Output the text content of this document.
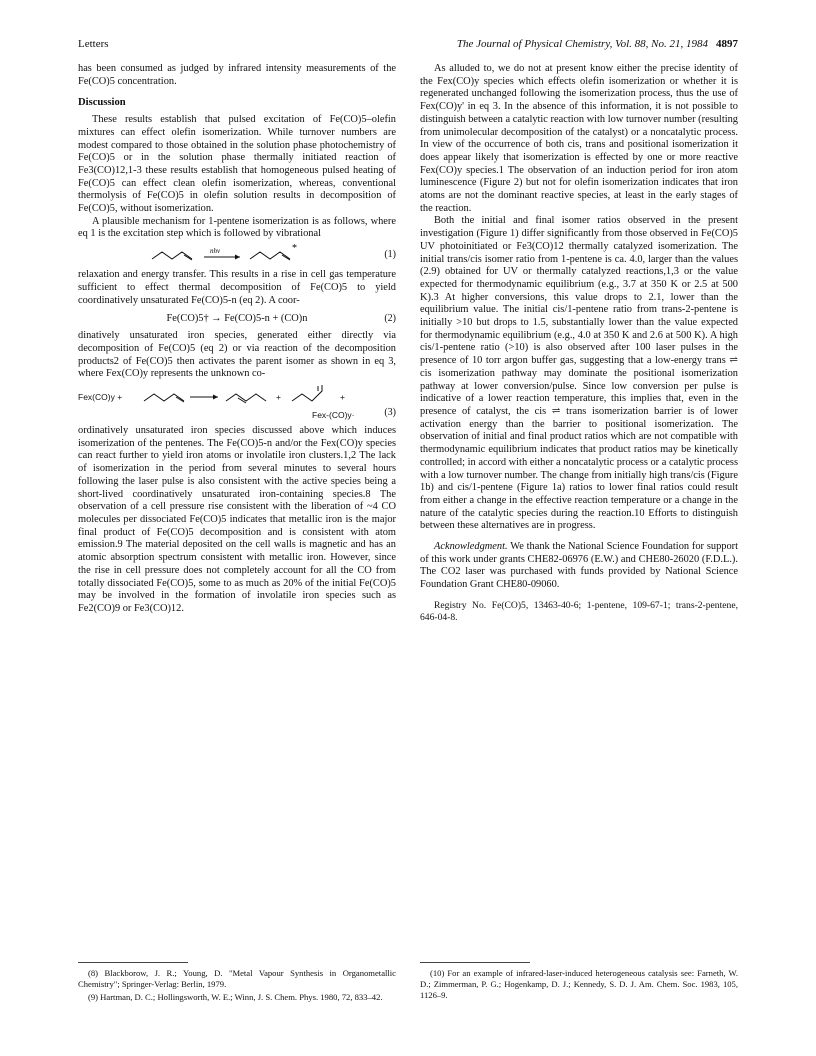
Letters	The Journal of Physical Chemistry, Vol. 88, No. 21, 1984 4897

has been consumed as judged by infrared intensity measurements of the Fe(CO)5 concentration.

Discussion

These results establish that pulsed excitation of Fe(CO)5–olefin mixtures can effect olefin isomerization. While turnover numbers are modest compared to those obtained in the solution phase photochemistry of Fe(CO)5 or in the solution phase thermally initiated reaction of Fe3(CO)12,1-3 these results establish that homogeneous pulsed heating of Fe(CO)5 can effect clean olefin isomerization, whereas, conventional thermolysis of Fe(CO)5 in olefin solution results in decomposition of Fe(CO)5, without isomerization.

A plausible mechanism for 1-pentene isomerization is as follows, where eq 1 is the excitation step which is followed by vibrational

nhν	*
(1)

relaxation and energy transfer. This results in a rise in cell gas temperature sufficient to effect thermal decomposition of Fe(CO)5 to yield coordinatively unsaturated Fe(CO)5-n (eq 2). A coor-

Fe(CO)5† → Fe(CO)5-n + (CO)n	(2)

dinatively unsaturated iron species, generated either directly via decomposition of Fe(CO)5 (eq 2) or via reaction of the decomposition products2 of Fe(CO)5 then activates the parent isomer as shown in eq 3, where Fex(CO)y represents the unknown co-

Fex(CO)y +	+	+
Fex-(CO)y·	(3)

ordinatively unsaturated iron species discussed above which induces isomerization of the pentenes. The Fe(CO)5-n and/or the Fex(CO)y species can react further to yield iron atoms or involatile iron clusters.1,2 The lack of isomerization in the period from several minutes to several hours following the laser pulse is also consistent with the active species being a short-lived coordinatively unsaturated iron-containing species.8 The observation of a cell pressure rise consistent with the liberation of ~4 CO molecules per dissociated Fe(CO)5 indicates that metallic iron is the major final product of Fe(CO)5 decomposition and is consistent with atom emission.9 The material deposited on the cell walls is magnetic and has an atomic absorption spectrum consistent with metallic iron. However, since the rise in cell pressure does not completely account for all the CO from totally dissociated Fe(CO)5, some to as much as 20% of the initial Fe(CO)5 may be involved in the formation of involatile iron species such as Fe2(CO)9 or Fe3(CO)12.

As alluded to, we do not at present know either the precise identity of the Fex(CO)y species which effects olefin isomerization or whether it is regenerated unchanged following the isomerization process, thus the use of Fex(CO)y' in eq 3. In the absence of this information, it is not possible to distinguish between a catalytic reaction with low turnover number (resulting from unimolecular decomposition of the catalyst) or a noncatalytic process. In view of the occurrence of both cis, trans and positional isomerization it does appear likely that isomerization is effected by one or more reactive Fex(CO)y species.1 The observation of an induction period for iron atom luminescence (Figure 2) but not for olefin isomerization indicates that iron atoms are not the dominant reactive species, at least in the early stages of the reaction.

Both the initial and final isomer ratios observed in the present investigation (Figure 1) differ significantly from those observed in Fe(CO)5 UV photoinitiated or Fe3(CO)12 thermally catalyzed isomerization. The initial trans/cis isomer ratio from 1-pentene is ca. 4.0, larger than the values (2.9) obtained for UV or thermally catalyzed reactions,1,3 or the value expected for thermodynamic equilibrium (e.g., 3.7 at 350 K or 2.5 at 500 K).3 At higher conversions, this value drops to 2.1, lower than the equilibrium value. The initial cis/1-pentene ratio from trans-2-pentene is initially >10 but drops to 1.5, substantially lower than the value expected for thermodynamic equilibrium (e.g., 4.0 at 350 K and 2.6 at 500 K). A high cis/1-pentene ratio (>10) is also observed after 100 laser pulses in the presence of 10 torr argon buffer gas, suggesting that a low-energy trans ⇌ cis isomerization pathway may dominate the positional isomerization pathway at lower conversion/pulse. Since low conversion per pulse is indicative of a lower reaction temperature, this implies that, even in the presence of catalyst, the cis ⇌ trans isomerization barrier is of lower activation energy than the barrier to positional isomerization. The observation of initial and final product ratios which are not compatible with thermodynamic equilibrium indicates that product ratios may be kinetically controlled; in accord with either a noncatalytic process or a catalytic process with a low turnover number. The change from initially high trans/cis (Figure 1b) and cis/1-pentene (Figure 1a) ratios to lower final ratios could result from either a change in the effective reaction temperature or a change in the nature of the catalytic species during the reaction.10 Efforts to distinguish between these alternatives are in progress.

Acknowledgment. We thank the National Science Foundation for support of this work under grants CHE82-06976 (E.W.) and CHE80-26020 (F.D.L.). The CO2 laser was purchased with funds provided by National Science Foundation Grant CHE80-09060.

Registry No. Fe(CO)5, 13463-40-6; 1-pentene, 109-67-1; trans-2-pentene, 646-04-8.

(8) Blackborow, J. R.; Young, D. "Metal Vapour Synthesis in Organometallic Chemistry"; Springer-Verlag: Berlin, 1979.

(9) Hartman, D. C.; Hollingsworth, W. E.; Winn, J. S. Chem. Phys. 1980, 72, 833–42.

(10) For an example of infrared-laser-induced heterogeneous catalysis see: Farneth, W. D.; Zimmerman, P. G.; Hogenkamp, D. J.; Kennedy, S. D. J. Am. Chem. Soc. 1983, 105, 1126–9.
